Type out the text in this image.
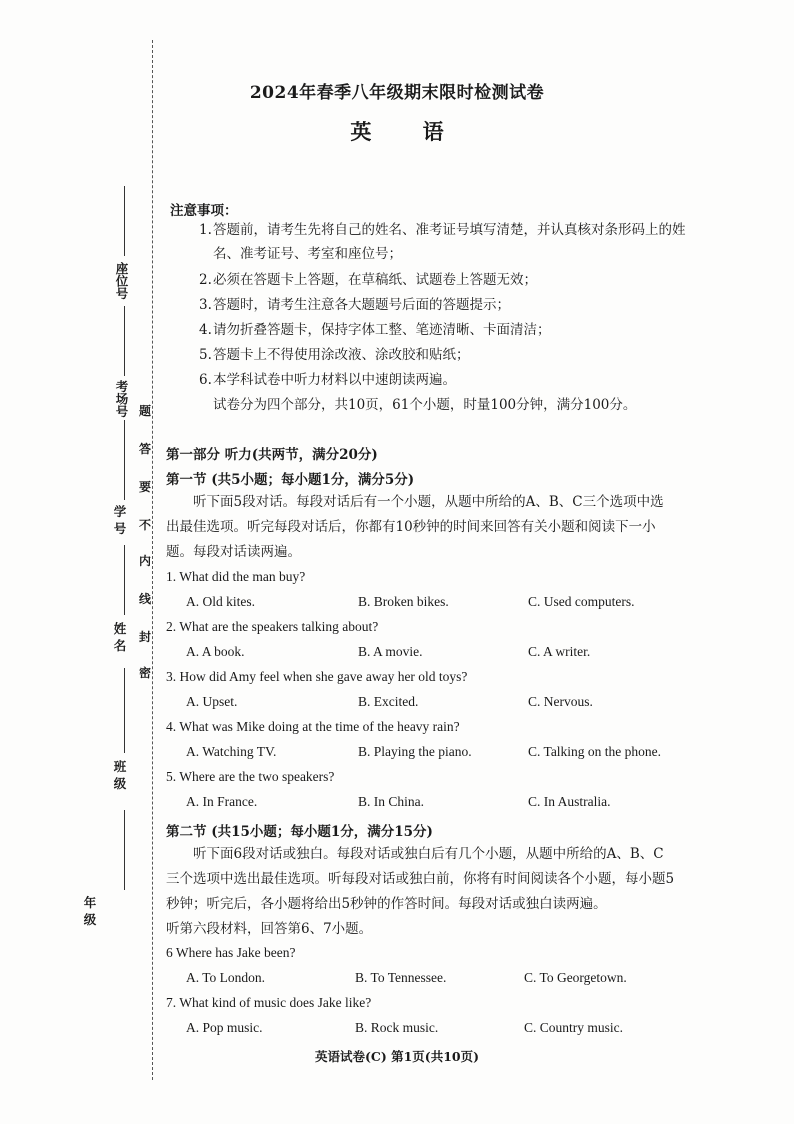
座位号
考场号
学 号
姓 名
班 级
年 级
题
答
要
不
内
线
封
密
2024年春季八年级期末限时检测试卷
英 语
注意事项：
1.答题前，请考生先将自己的姓名、准考证号填写清楚，并认真核对条形码上的姓
名、准考证号、考室和座位号；
2.必须在答题卡上答题，在草稿纸、试题卷上答题无效；
3.答题时，请考生注意各大题题号后面的答题提示；
4.请勿折叠答题卡，保持字体工整、笔迹清晰、卡面清洁；
5.答题卡上不得使用涂改液、涂改胶和贴纸；
6.本学科试卷中听力材料以中速朗读两遍。
试卷分为四个部分，共10页，61个小题，时量100分钟，满分100分。
第一部分 听力(共两节，满分20分)
第一节 (共5小题；每小题1分，满分5分)
听下面5段对话。每段对话后有一个小题，从题中所给的A、B、C三个选项中选
出最佳选项。听完每段对话后，你都有10秒钟的时间来回答有关小题和阅读下一小
题。每段对话读两遍。
1. What did the man buy?
A. Old kites.	B. Broken bikes.	C. Used computers.
2. What are the speakers talking about?
A. A book.	B. A movie.	C. A writer.
3. How did Amy feel when she gave away her old toys?
A. Upset.	B. Excited.	C. Nervous.
4. What was Mike doing at the time of the heavy rain?
A. Watching TV.	B. Playing the piano.	C. Talking on the phone.
5. Where are the two speakers?
A. In France.	B. In China.	C. In Australia.
第二节 (共15小题；每小题1分，满分15分)
听下面6段对话或独白。每段对话或独白后有几个小题，从题中所给的A、B、C
三个选项中选出最佳选项。听每段对话或独白前，你将有时间阅读各个小题，每小题5
秒钟；听完后，各小题将给出5秒钟的作答时间。每段对话或独白读两遍。
听第六段材料，回答第6、7小题。
6 Where has Jake been?
A. To London.	B. To Tennessee.	C. To Georgetown.
7. What kind of music does Jake like?
A. Pop music.	B. Rock music.	C. Country music.
英语试卷(C) 第1页(共10页)
